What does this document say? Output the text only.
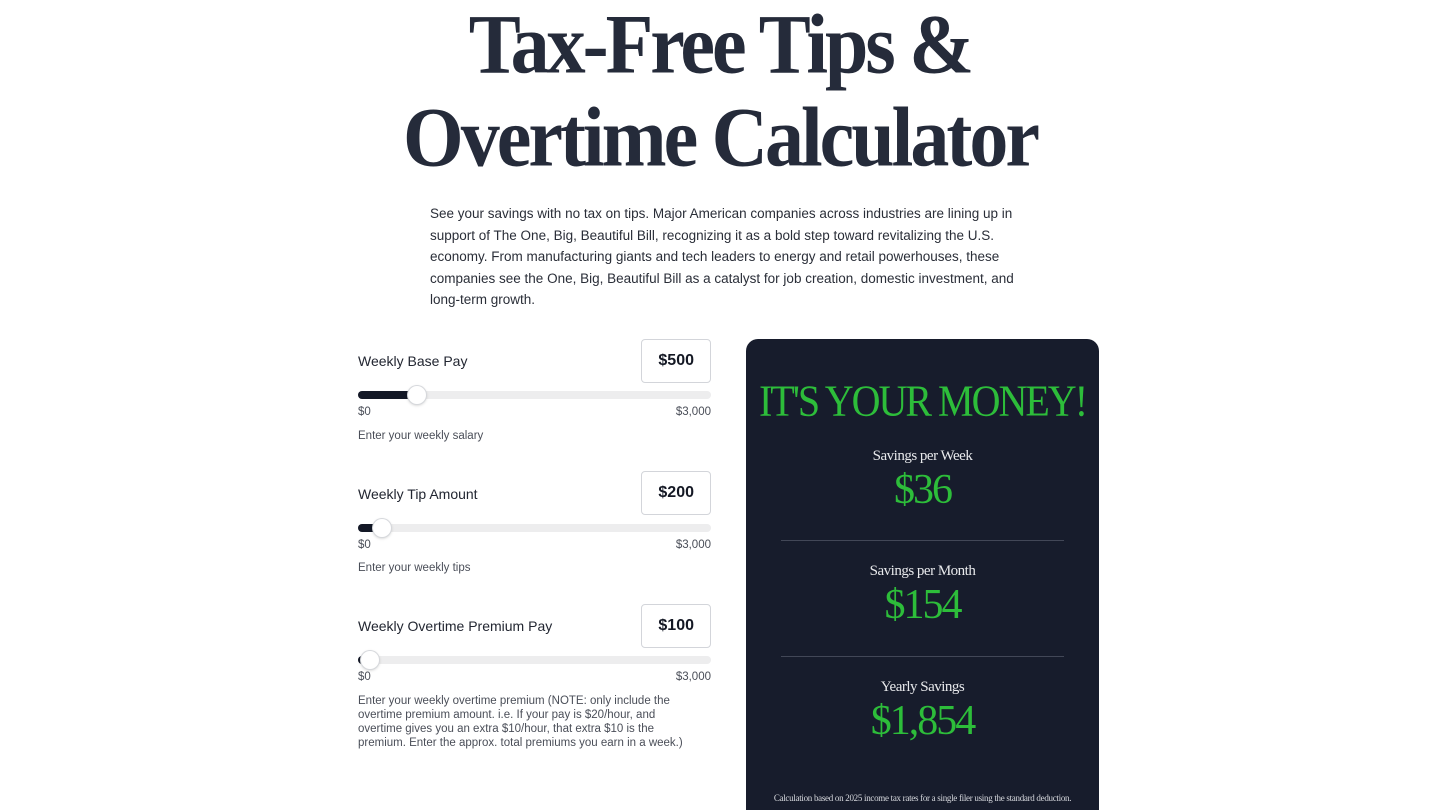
Tax-Free Tips &
Overtime Calculator

See your savings with no tax on tips. Major American companies across industries are lining up in support of The One, Big, Beautiful Bill, recognizing it as a bold step toward revitalizing the U.S. economy. From manufacturing giants and tech leaders to energy and retail powerhouses, these companies see the One, Big, Beautiful Bill as a catalyst for job creation, domestic investment, and long-term growth.

Weekly Base Pay	$500
$0	$3,000
Enter your weekly salary
Weekly Tip Amount	$200
$0	$3,000
Enter your weekly tips
Weekly Overtime Premium Pay	$100
$0	$3,000
Enter your weekly overtime premium (NOTE: only include the overtime premium amount. i.e. If your pay is $20/hour, and overtime gives you an extra $10/hour, that extra $10 is the premium. Enter the approx. total premiums you earn in a week.)
IT'S YOUR MONEY!
Savings per Week
$36
Savings per Month
$154
Yearly Savings
$1,854
Calculation based on 2025 income tax rates for a single filer using the standard deduction.
